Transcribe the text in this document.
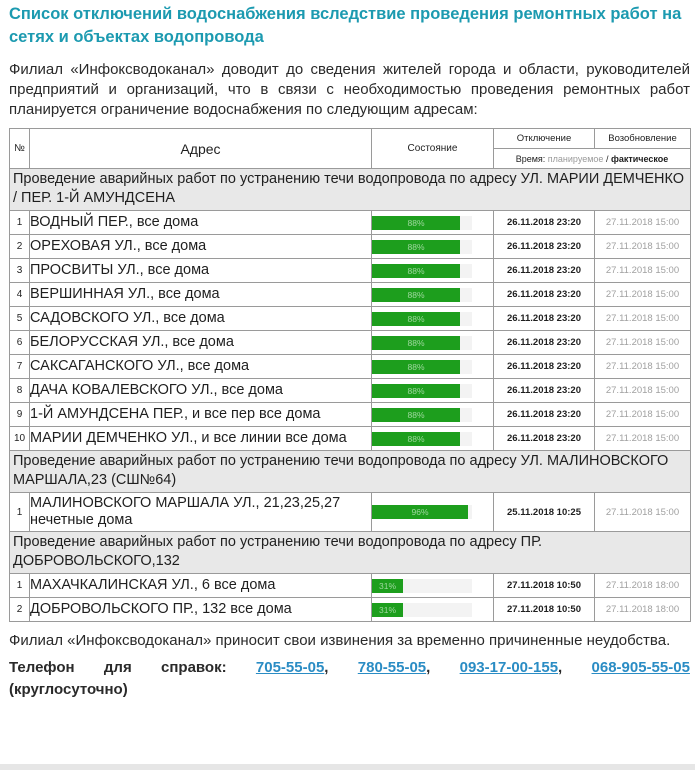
Список отключений водоснабжения вследствие проведения ремонтных работ на сетях и объектах водопровода

Филиал «Инфоксводоканал» доводит до сведения жителей города и области, руководителей предприятий и организаций, что в связи с необходимостью проведения ремонтных работ планируется ограничение водоснабжения по следующим адресам:

№	Адрес	Состояние	Отключение	Возобновление
			Время: планируемое / фактическое	
Проведение аварийных работ по устранению течи водопровода по адресу УЛ. МАРИИ ДЕМЧЕНКО / ПЕР. 1-Й АМУНДСЕНА				
1	ВОДНЫЙ ПЕР., все дома	88%	26.11.2018 23:20	27.11.2018 15:00
2	ОРЕХОВАЯ УЛ., все дома	88%	26.11.2018 23:20	27.11.2018 15:00
3	ПРОСВИТЫ УЛ., все дома	88%	26.11.2018 23:20	27.11.2018 15:00
4	ВЕРШИННАЯ УЛ., все дома	88%	26.11.2018 23:20	27.11.2018 15:00
5	САДОВСКОГО УЛ., все дома	88%	26.11.2018 23:20	27.11.2018 15:00
6	БЕЛОРУССКАЯ УЛ., все дома	88%	26.11.2018 23:20	27.11.2018 15:00
7	САКСАГАНСКОГО УЛ., все дома	88%	26.11.2018 23:20	27.11.2018 15:00
8	ДАЧА КОВАЛЕВСКОГО УЛ., все дома	88%	26.11.2018 23:20	27.11.2018 15:00
9	1-Й АМУНДСЕНА ПЕР., и все пер все дома	88%	26.11.2018 23:20	27.11.2018 15:00
10	МАРИИ ДЕМЧЕНКО УЛ., и все линии все дома	88%	26.11.2018 23:20	27.11.2018 15:00
Проведение аварийных работ по устранению течи водопровода по адресу УЛ. МАЛИНОВСКОГО МАРШАЛА,23 (СШ№64)				
1	МАЛИНОВСКОГО МАРШАЛА УЛ., 21,23,25,27 нечетные дома	96%	25.11.2018 10:25	27.11.2018 15:00
Проведение аварийных работ по устранению течи водопровода по адресу ПР. ДОБРОВОЛЬСКОГО,132				
1	МАХАЧКАЛИНСКАЯ УЛ., 6 все дома	31%	27.11.2018 10:50	27.11.2018 18:00
2	ДОБРОВОЛЬСКОГО ПР., 132 все дома	31%	27.11.2018 10:50	27.11.2018 18:00

Филиал «Инфоксводоканал» приносит свои извинения за временно причиненные неудобства.

Телефон для справок: 705-55-05, 780-55-05, 093-17-00-155, 068-905-55-05
(круглосуточно)
